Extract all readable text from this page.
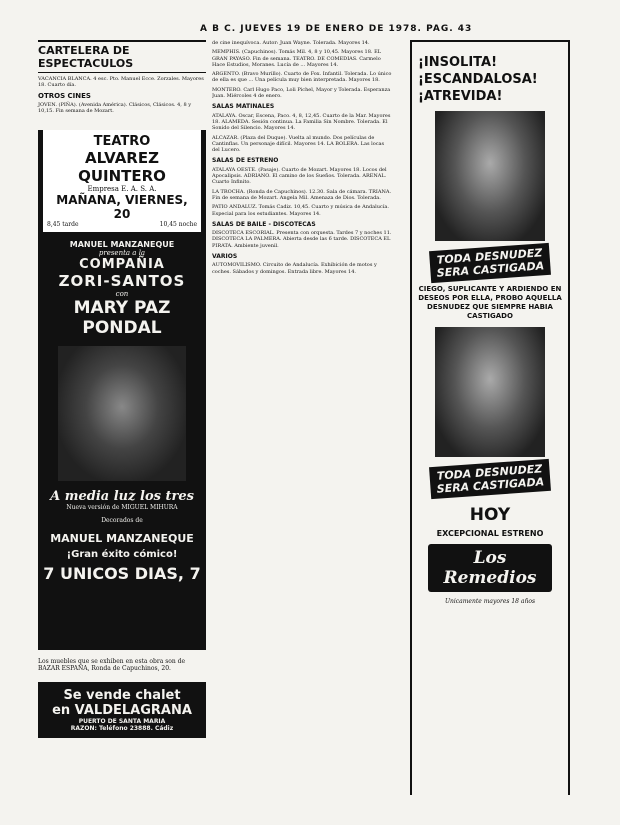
A B C. JUEVES 19 DE ENERO DE 1978. PAG. 43
CARTELERA DE ESPECTACULOS
VACANCIA BLANCA. 4 esc. Pto. Manuel Ecce. Zorzales. Mayores 18. Cuarto día.
OTROS CINES
JOVEN. (PIÑA). (Avenida América). Clásicos, Clásicos. 4, 8 y 10,15. Fin semana de Mozart.
TEATRO
ALVAREZ QUINTERO
Empresa E. A. S. A.
MAÑANA, VIERNES, 20
8,45 tarde	10,45 noche
MANUEL MANZANEQUE
presenta a la
COMPAÑIA
ZORI-SANTOS
con
MARY PAZ PONDAL
A media luz los tres
Nueva versión de MIGUEL MIHURA
Decorados de
MANUEL MANZANEQUE
¡Gran éxito cómico!
7 UNICOS DIAS, 7
Los muebles que se exhiben en esta obra son de BAZAR ESPAÑA, Ronda de Capuchinos, 20.
Se vende chalet
en VALDELAGRANA
PUERTO DE SANTA MARIA
RAZON: Teléfono 23888. Cádiz
de cine inequívoca. Autor: Juan Wayne. Tolerada. Mayores 14.
MEMPHIS. (Capuchinos). Tomás Mil. 4, 8 y 10,45. Mayores 18. EL GRAN PAYASO. Fin de semana. TEATRO. DE COMEDIAS. Carmelo Hace Estudios, Moranes. Lucía de ... Mayores 14.
ARGENTO. (Bravo Murillo). Cuarto de Fox. Infantil. Tolerada. Lo único de ella es que ... Una película muy bien interpretada. Mayores 18.
MONTERO. Carl Hugo Paco, Loli Pichel, Mayor y Tolerada. Esperanza Juan. Miércoles 4 de enero.
SALAS MATINALES
ATALAYA. Oscar, Escena, Paco. 4, 8, 12,45. Cuarto de la Mar. Mayores 18. ALAMEDA. Sesión continua. La Familia Sin Nombre. Tolerada. El Sonido del Silencio. Mayores 14.
ALCAZAR. (Plaza del Duque). Vuelta al mundo. Dos películas de Cantinflas. Un personaje difícil. Mayores 14. LA BOLERA. Las locas del Lucero.
SALAS DE ESTRENO
ATALAYA OESTE. (Pasaje). Cuarto de Mozart. Mayores 18. Locos del Apocalipsis. ADRIANO. El camino de los Sueños. Tolerada. ARENAL. Cuarto Infinito.
LA TROCHA. (Ronda de Capuchinos). 12.30. Sala de cámara. TRIANA. Fin de semana de Mozart. Angela Mil. Amenaza de Dios. Tolerada.
PATIO ANDALUZ. Tomás Cadiz. 10,45. Cuarto y música de Andalucía. Especial para los estudiantes. Mayores 14.
SALAS DE BAILE - DISCOTECAS
DISCOTECA ESCORIAL. Presenta con orquesta. Tardes 7 y noches 11. DISCOTECA LA PALMERA. Abierta desde las 6 tarde. DISCOTECA EL PIRATA. Ambiente juvenil.
VARIOS
AUTOMOVILISMO. Circuito de Andalucía. Exhibición de motos y coches. Sábados y domingos. Entrada libre. Mayores 14.
¡INSOLITA!
¡ESCANDALOSA!
¡ATREVIDA!
TODA DESNUDEZ SERA CASTIGADA
CIEGO, SUPLICANTE Y ARDIENDO EN DESEOS POR ELLA, PROBO AQUELLA DESNUDEZ QUE SIEMPRE HABIA CASTIGADO
TODA DESNUDEZ SERA CASTIGADA
HOY
EXCEPCIONAL ESTRENO
Los Remedios
Unicamente mayores 18 años
